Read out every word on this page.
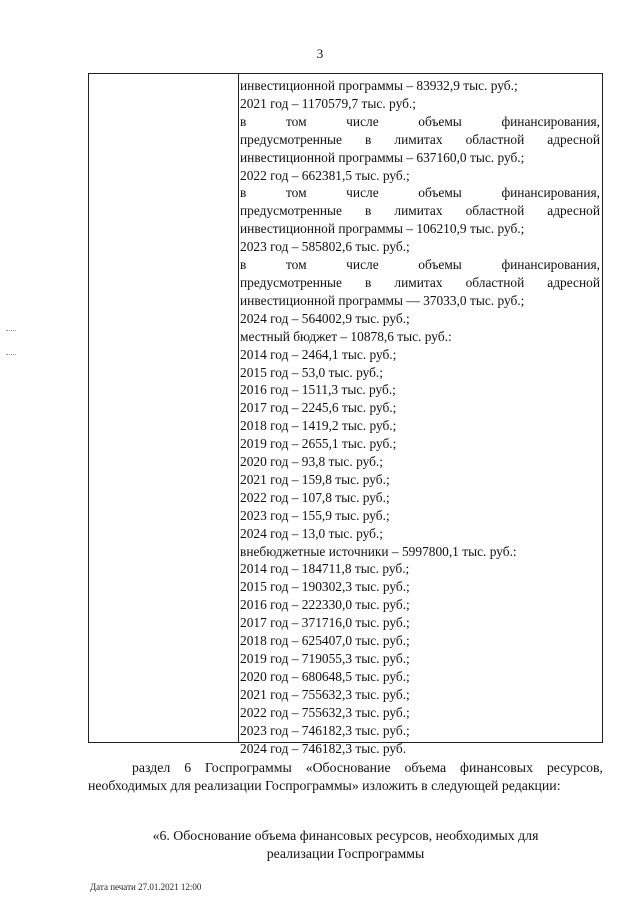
3
инвестиционной программы – 83932,9 тыс. руб.;
2021 год – 1170579,7 тыс. руб.;
в том числе объемы финансирования,
предусмотренные в лимитах областной адресной
инвестиционной программы – 637160,0 тыс. руб.;
2022 год – 662381,5 тыс. руб.;
в том числе объемы финансирования,
предусмотренные в лимитах областной адресной
инвестиционной программы – 106210,9 тыс. руб.;
2023 год – 585802,6 тыс. руб.;
в том числе объемы финансирования,
предусмотренные в лимитах областной адресной
инвестиционной программы — 37033,0 тыс. руб.;
2024 год – 564002,9 тыс. руб.;
местный бюджет – 10878,6 тыс. руб.:
2014 год – 2464,1 тыс. руб.;
2015 год – 53,0 тыс. руб.;
2016 год – 1511,3 тыс. руб.;
2017 год – 2245,6 тыс. руб.;
2018 год – 1419,2 тыс. руб.;
2019 год – 2655,1 тыс. руб.;
2020 год – 93,8 тыс. руб.;
2021 год – 159,8 тыс. руб.;
2022 год – 107,8 тыс. руб.;
2023 год – 155,9 тыс. руб.;
2024 год – 13,0 тыс. руб.;
внебюджетные источники – 5997800,1 тыс. руб.:
2014 год – 184711,8 тыс. руб.;
2015 год – 190302,3 тыс. руб.;
2016 год – 222330,0 тыс. руб.;
2017 год – 371716,0 тыс. руб.;
2018 год – 625407,0 тыс. руб.;
2019 год – 719055,3 тыс. руб.;
2020 год – 680648,5 тыс. руб.;
2021 год – 755632,3 тыс. руб.;
2022 год – 755632,3 тыс. руб.;
2023 год – 746182,3 тыс. руб.;
2024 год – 746182,3 тыс. руб.
раздел 6 Госпрограммы «Обоснование объема финансовых ресурсов, необходимых для реализации Госпрограммы» изложить в следующей редакции:
«6. Обоснование объема финансовых ресурсов, необходимых для
реализации Госпрограммы
Дата печати 27.01.2021 12:00
